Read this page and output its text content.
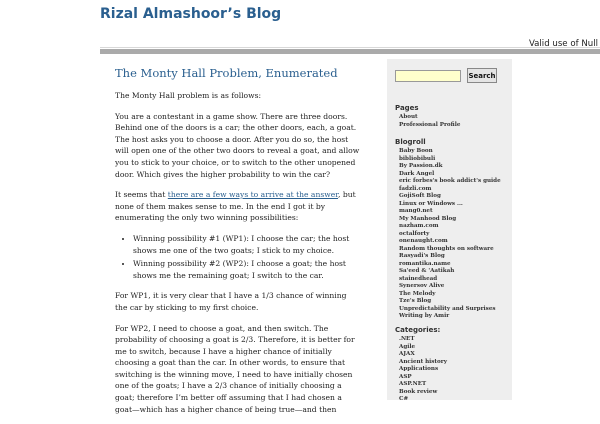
Rizal Almashoor’s Blog
Valid use of Null
The Monty Hall Problem, Enumerated

The Monty Hall problem is as follows:

You are a contestant in a game show. There are three doors. Behind one of the doors is a car; the other doors, each, a goat. The host asks you to choose a door. After you do so, the host will open one of the other two doors to reveal a goat, and allow you to stick to your choice, or to switch to the other unopened door. Which gives the higher probability to win the car?

It seems that there are a few ways to arrive at the answer, but none of them makes sense to me. In the end I got it by enumerating the only two winning possibilities:

• Winning possibility #1 (WP1): I choose the car; the host shows me one of the two goats; I stick to my choice.
• Winning possibility #2 (WP2): I choose a goat; the host shows me the remaining goat; I switch to the car.

For WP1, it is very clear that I have a 1/3 chance of winning the car by sticking to my first choice.

For WP2, I need to choose a goat, and then switch. The probability of choosing a goat is 2/3. Therefore, it is better for me to switch, because I have a higher chance of initially choosing a goat than the car. In other words, to ensure that switching is the winning move, I need to have initially chosen one of the goats; I have a 2/3 chance of initially choosing a goat; therefore I’m better off assuming that I had chosen a goat—which has a higher chance of being true—and then

Search
Pages
About
Professional Profile
Blogroll
Baby Boon
bibliobibuli
By Passion.dk
Dark Angel
eric forbes's book addict's guide
fadzli.com
GojiSoft Blog
Linux or Windows ...
mang0.net
My Manhood Blog
nazham.com
octalforty
onenaught.com
Random thoughts on software
Rasyadi's Blog
romantika.name
Sa'eed & 'Aatikah
stainedhead
Synersov Alive
The Melody
Tze's Blog
Unpredictability and Surprises
Writing by Amir
Categories:
.NET
Agile
AJAX
Ancient history
Applications
ASP
ASP.NET
Book review
C#
